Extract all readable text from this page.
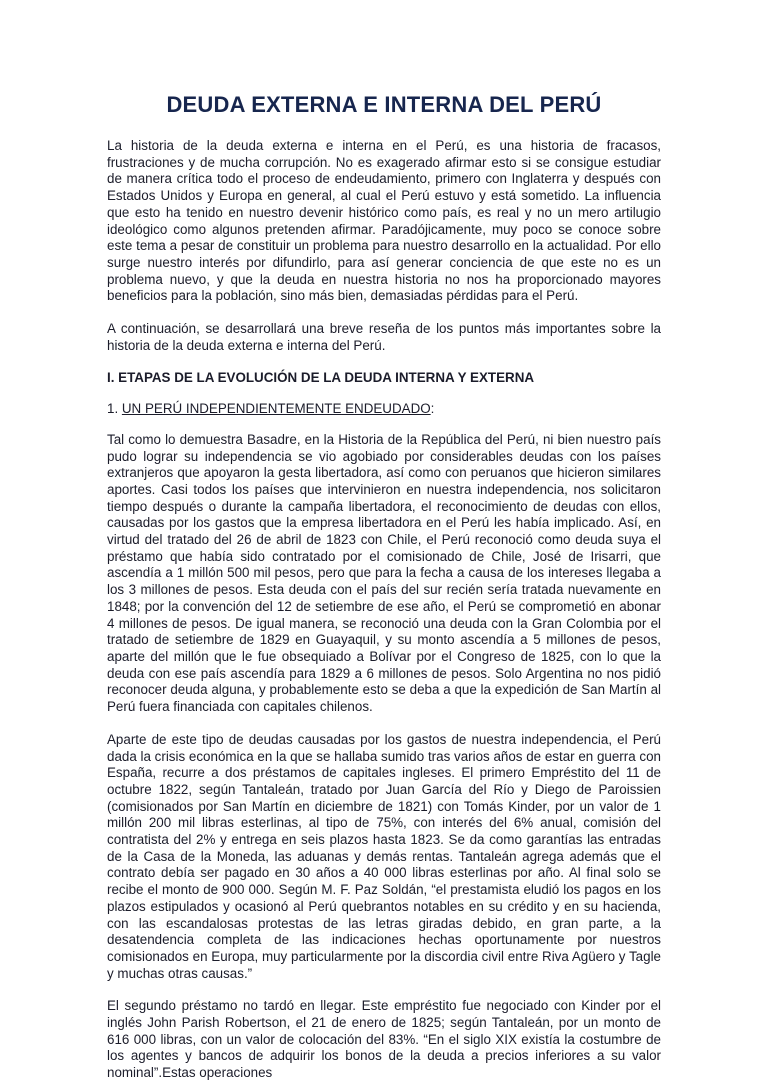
DEUDA EXTERNA E INTERNA DEL PERÚ

La historia de la deuda externa e interna en el Perú, es una historia de fracasos, frustraciones y de mucha corrupción. No es exagerado afirmar esto si se consigue estudiar de manera crítica todo el proceso de endeudamiento, primero con Inglaterra y después con Estados Unidos y Europa en general, al cual el Perú estuvo y está sometido. La influencia que esto ha tenido en nuestro devenir histórico como país, es real y no un mero artilugio ideológico como algunos pretenden afirmar. Paradójicamente, muy poco se conoce sobre este tema a pesar de constituir un problema para nuestro desarrollo en la actualidad. Por ello surge nuestro interés por difundirlo, para así generar conciencia de que este no es un problema nuevo, y que la deuda en nuestra historia no nos ha proporcionado mayores beneficios para la población, sino más bien, demasiadas pérdidas para el Perú.

A continuación, se desarrollará una breve reseña de los puntos más importantes sobre la historia de la deuda externa e interna del Perú.

I. ETAPAS DE LA EVOLUCIÓN DE LA DEUDA INTERNA Y EXTERNA

1. UN PERÚ INDEPENDIENTEMENTE ENDEUDADO:

Tal como lo demuestra Basadre, en la Historia de la República del Perú, ni bien nuestro país pudo lograr su independencia se vio agobiado por considerables deudas con los países extranjeros que apoyaron la gesta libertadora, así como con peruanos que hicieron similares aportes. Casi todos los países que intervinieron en nuestra independencia, nos solicitaron tiempo después o durante la campaña libertadora, el reconocimiento de deudas con ellos, causadas por los gastos que la empresa libertadora en el Perú les había implicado. Así, en virtud del tratado del 26 de abril de 1823 con Chile, el Perú reconoció como deuda suya el préstamo que había sido contratado por el comisionado de Chile, José de Irisarri, que ascendía a 1 millón 500 mil pesos, pero que para la fecha a causa de los intereses llegaba a los 3 millones de pesos. Esta deuda con el país del sur recién sería tratada nuevamente en 1848; por la convención del 12 de setiembre de ese año, el Perú se comprometió en abonar 4 millones de pesos. De igual manera, se reconoció una deuda con la Gran Colombia por el tratado de setiembre de 1829 en Guayaquil, y su monto ascendía a 5 millones de pesos, aparte del millón que le fue obsequiado a Bolívar por el Congreso de 1825, con lo que la deuda con ese país ascendía para 1829 a 6 millones de pesos. Solo Argentina no nos pidió reconocer deuda alguna, y probablemente esto se deba a que la expedición de San Martín al Perú fuera financiada con capitales chilenos.

Aparte de este tipo de deudas causadas por los gastos de nuestra independencia, el Perú dada la crisis económica en la que se hallaba sumido tras varios años de estar en guerra con España, recurre a dos préstamos de capitales ingleses. El primero Empréstito del 11 de octubre 1822, según Tantaleán, tratado por Juan García del Río y Diego de Paroissien (comisionados por San Martín en diciembre de 1821) con Tomás Kinder, por un valor de 1 millón 200 mil libras esterlinas, al tipo de 75%, con interés del 6% anual, comisión del contratista del 2% y entrega en seis plazos hasta 1823. Se da como garantías las entradas de la Casa de la Moneda, las aduanas y demás rentas. Tantaleán agrega además que el contrato debía ser pagado en 30 años a 40 000 libras esterlinas por año. Al final solo se recibe el monto de 900 000. Según M. F. Paz Soldán, “el prestamista eludió los pagos en los plazos estipulados y ocasionó al Perú quebrantos notables en su crédito y en su hacienda, con las escandalosas protestas de las letras giradas debido, en gran parte, a la desatendencia completa de las indicaciones hechas oportunamente por nuestros comisionados en Europa, muy particularmente por la discordia civil entre Riva Agüero y Tagle y muchas otras causas.”

El segundo préstamo no tardó en llegar. Este empréstito fue negociado con Kinder por el inglés John Parish Robertson, el 21 de enero de 1825; según Tantaleán, por un monto de 616 000 libras, con un valor de colocación del 83%. “En el siglo XIX existía la costumbre de los agentes y bancos de adquirir los bonos de la deuda a precios inferiores a su valor nominal”.Estas operaciones
